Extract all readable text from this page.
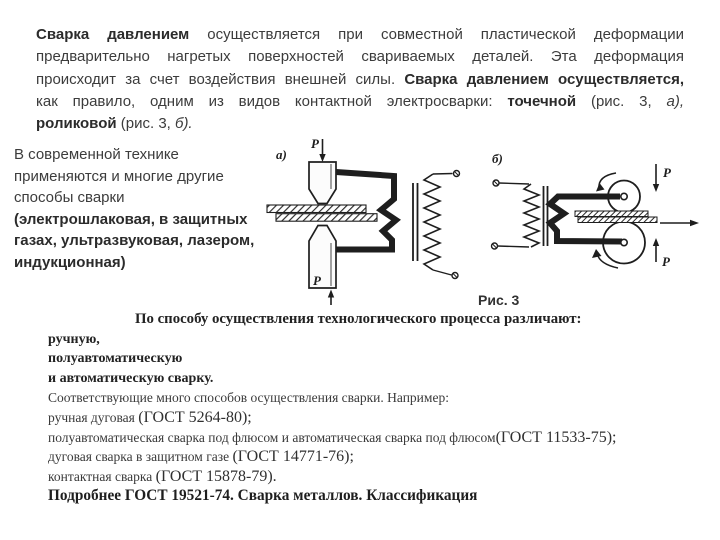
Сварка давлением осуществляется при совместной пластической деформации
предварительно нагретых поверхностей свариваемых деталей. Эта деформация
происходит за счет воздействия внешней силы. Сварка давлением осуществляется,
как правило, одним из видов контактной электросварки: точечной (рис. 3, а),
роликовой (рис. 3, б).
В современной технике
применяются и многие другие
способы сварки
(электрошлаковая, в защитных
газах, ультразвуковая, лазером,
индукционная)
а)
P
P
б)
P
P
Рис. 3
По способу осуществления технологического процесса различают:
ручную,
полуавтоматическую
и автоматическую сварку.
Соответствующие много способов осуществления сварки. Например:
ручная дуговая (ГОСТ 5264-80);
полуавтоматическая сварка под флюсом и автоматическая сварка под флюсом(ГОСТ 11533-75);
дуговая сварка в защитном газе (ГОСТ 14771-76);
контактная сварка (ГОСТ 15878-79).
Подробнее ГОСТ 19521-74. Сварка металлов. Классификация
